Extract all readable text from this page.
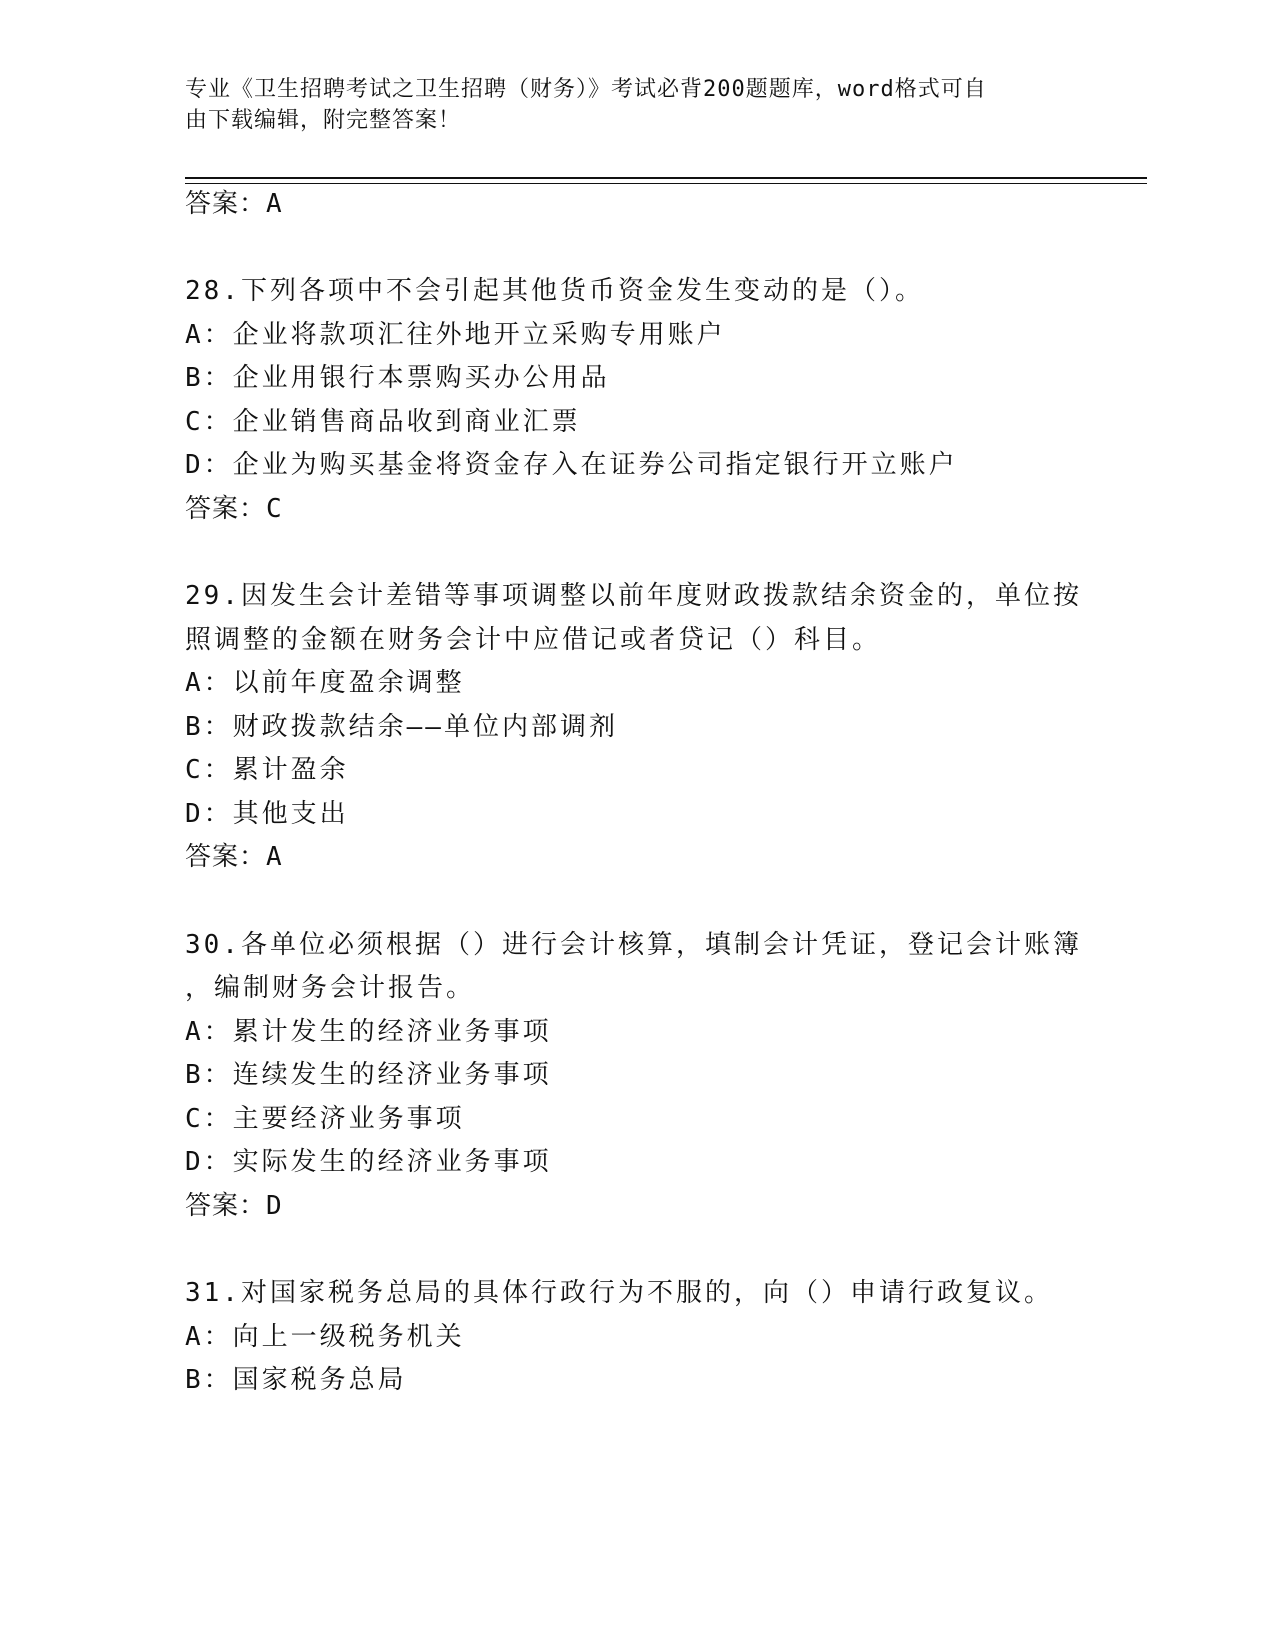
专业《卫生招聘考试之卫生招聘（财务）》考试必背200题题库，word格式可自
由下载编辑，附完整答案！
答案：A
28.下列各项中不会引起其他货币资金发生变动的是（）。
A：企业将款项汇往外地开立采购专用账户
B：企业用银行本票购买办公用品
C：企业销售商品收到商业汇票
D：企业为购买基金将资金存入在证券公司指定银行开立账户
答案：C
29.因发生会计差错等事项调整以前年度财政拨款结余资金的，单位按
照调整的金额在财务会计中应借记或者贷记（）科目。
A：以前年度盈余调整
B：财政拨款结余——单位内部调剂
C：累计盈余
D：其他支出
答案：A
30.各单位必须根据（）进行会计核算，填制会计凭证，登记会计账簿
，编制财务会计报告。
A：累计发生的经济业务事项
B：连续发生的经济业务事项
C：主要经济业务事项
D：实际发生的经济业务事项
答案：D
31.对国家税务总局的具体行政行为不服的，向（）申请行政复议。
A：向上一级税务机关
B：国家税务总局
